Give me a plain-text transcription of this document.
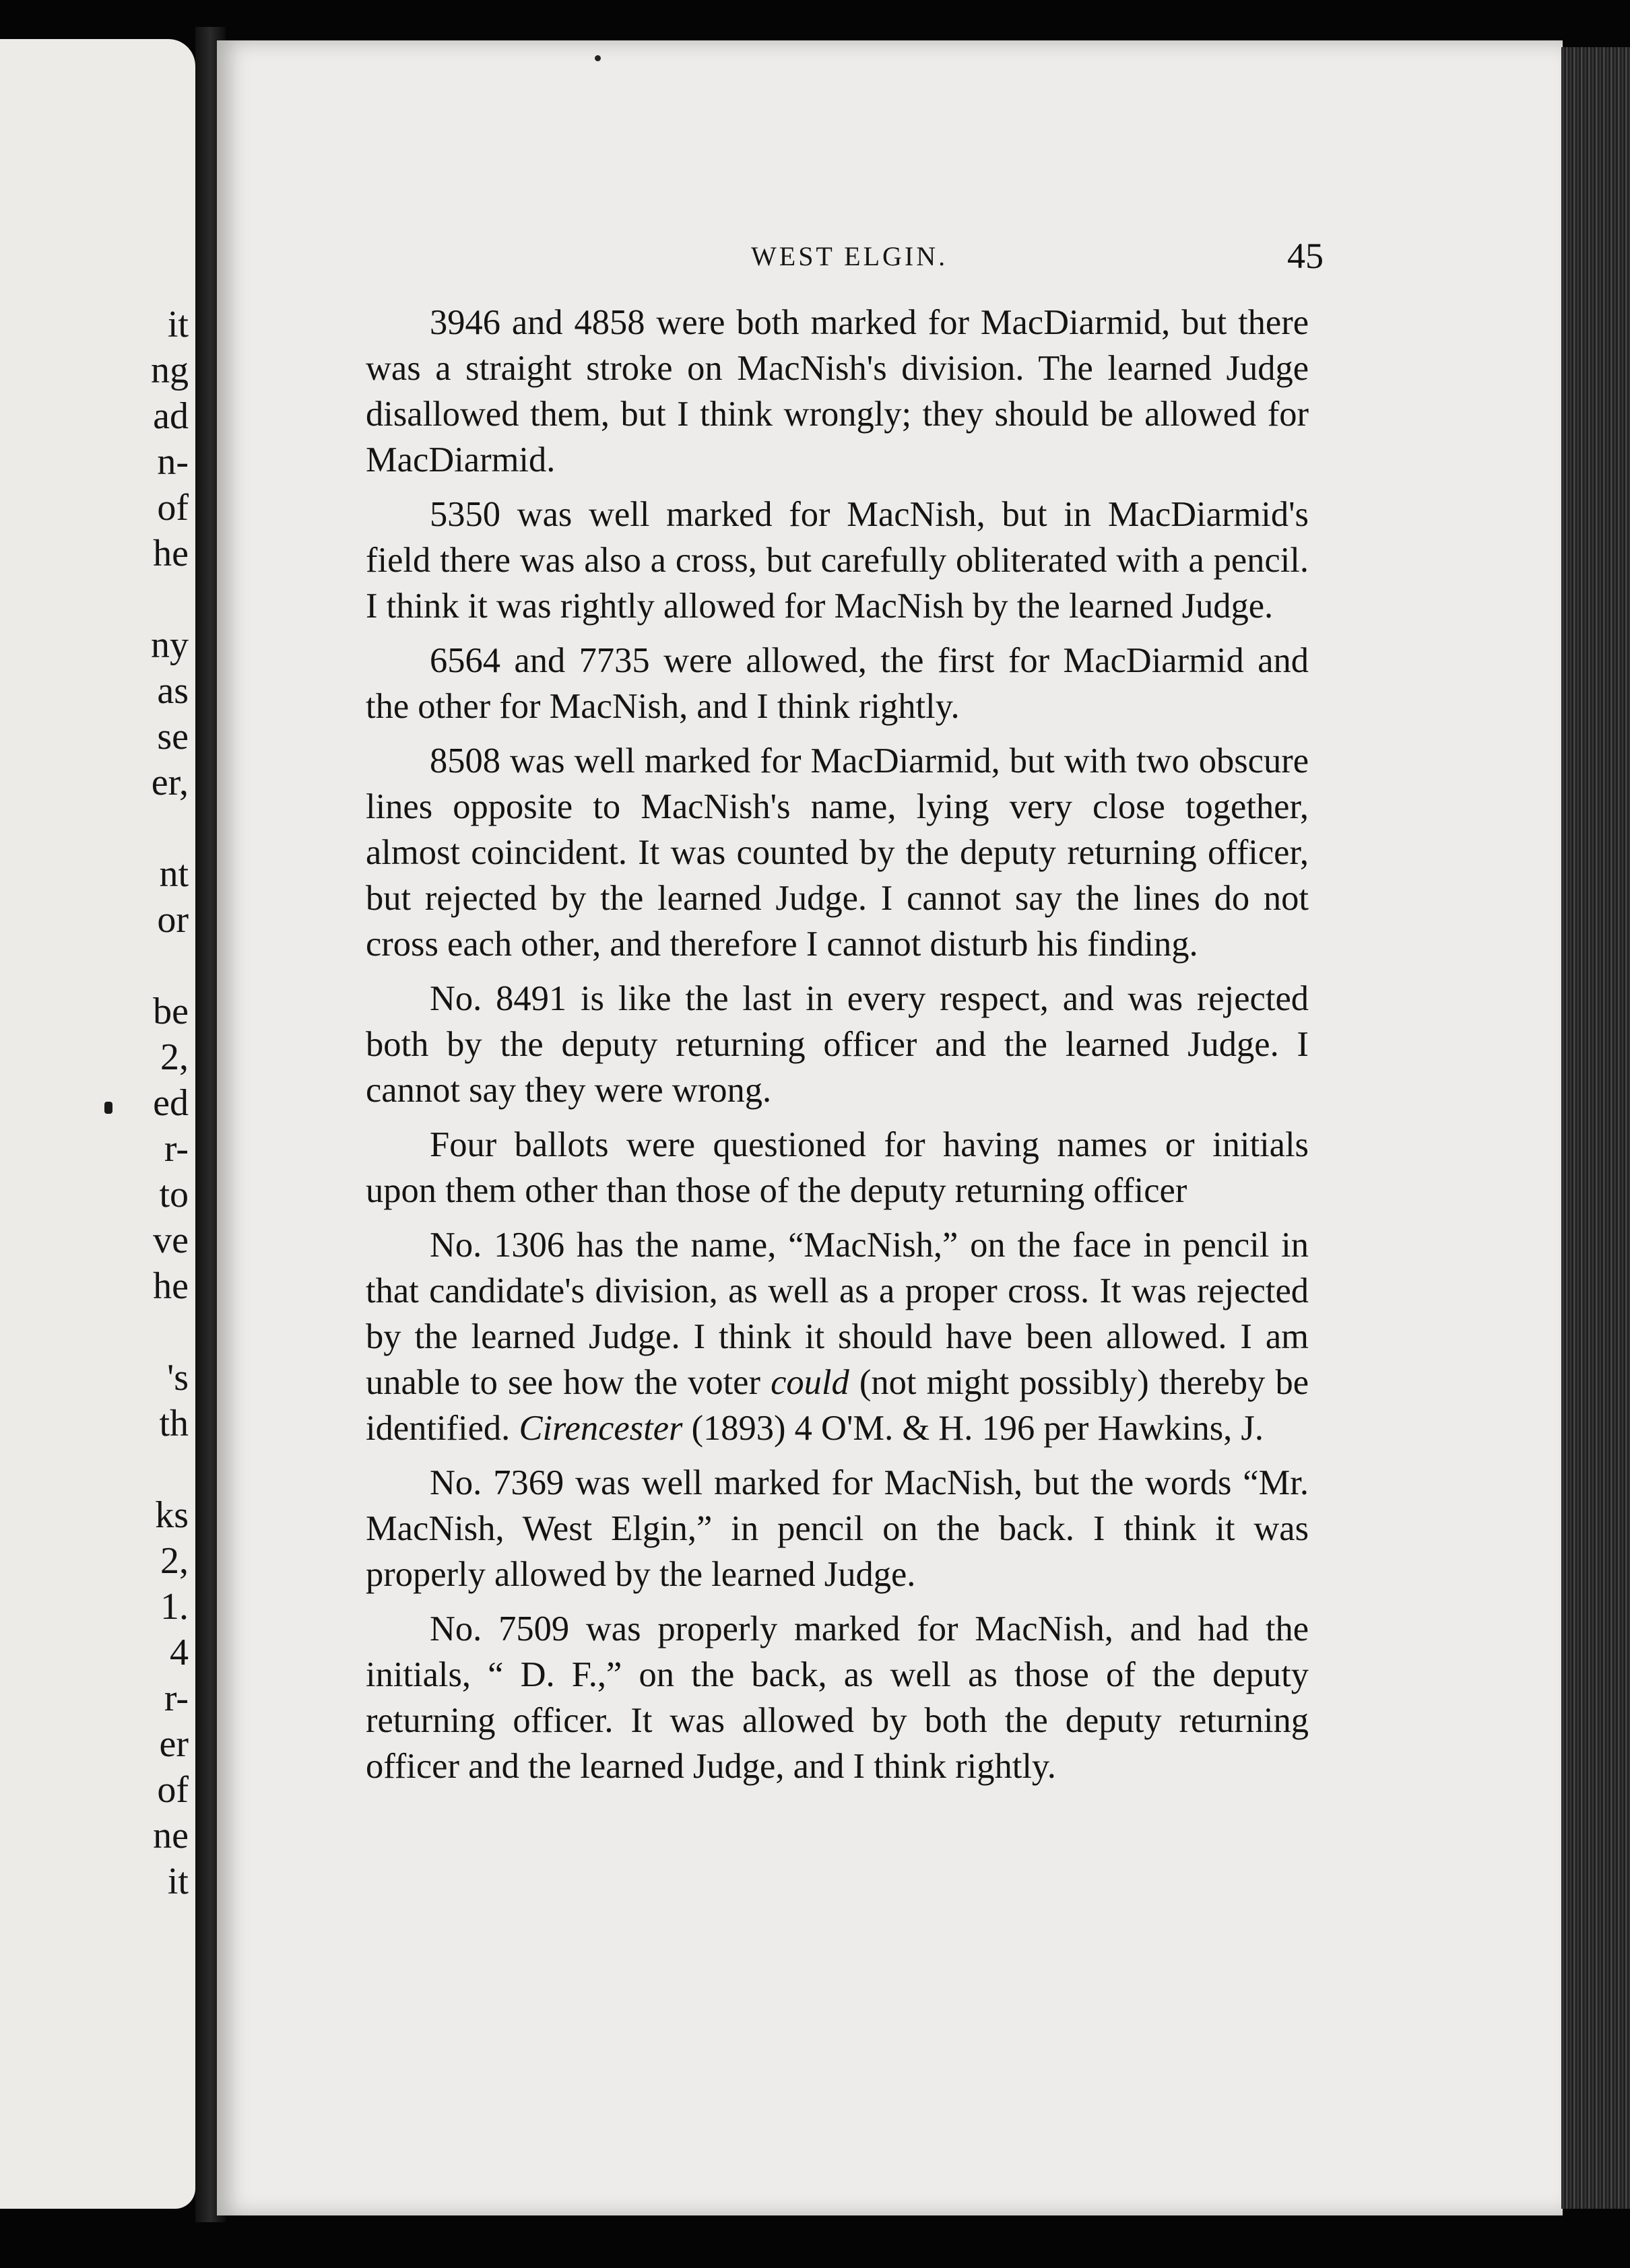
it
ng
ad
n-
of
he
ny
as
se
er,
nt
or
be
2,
ed
r-
to
ve
he
's
th
ks
2,
1.
4
r-
er
of
ne
it
WEST ELGIN.	45

3946 and 4858 were both marked for MacDiarmid, but there was a straight stroke on MacNish's division. The learned Judge disallowed them, but I think wrongly; they should be allowed for MacDiarmid.

5350 was well marked for MacNish, but in MacDiarmid's field there was also a cross, but carefully obliterated with a pencil. I think it was rightly allowed for MacNish by the learned Judge.

6564 and 7735 were allowed, the first for MacDiarmid and the other for MacNish, and I think rightly.

8508 was well marked for MacDiarmid, but with two obscure lines opposite to MacNish's name, lying very close together, almost coincident. It was counted by the deputy returning officer, but rejected by the learned Judge. I cannot say the lines do not cross each other, and therefore I cannot disturb his finding.

No. 8491 is like the last in every respect, and was rejected both by the deputy returning officer and the learned Judge. I cannot say they were wrong.

Four ballots were questioned for having names or initials upon them other than those of the deputy returning officer

No. 1306 has the name, “MacNish,” on the face in pencil in that candidate's division, as well as a proper cross. It was rejected by the learned Judge. I think it should have been allowed. I am unable to see how the voter could (not might possibly) thereby be identified. Cirencester (1893) 4 O'M. & H. 196 per Hawkins, J.

No. 7369 was well marked for MacNish, but the words “Mr. MacNish, West Elgin,” in pencil on the back. I think it was properly allowed by the learned Judge.

No. 7509 was properly marked for MacNish, and had the initials, “ D. F.,” on the back, as well as those of the deputy returning officer. It was allowed by both the deputy returning officer and the learned Judge, and I think rightly.
